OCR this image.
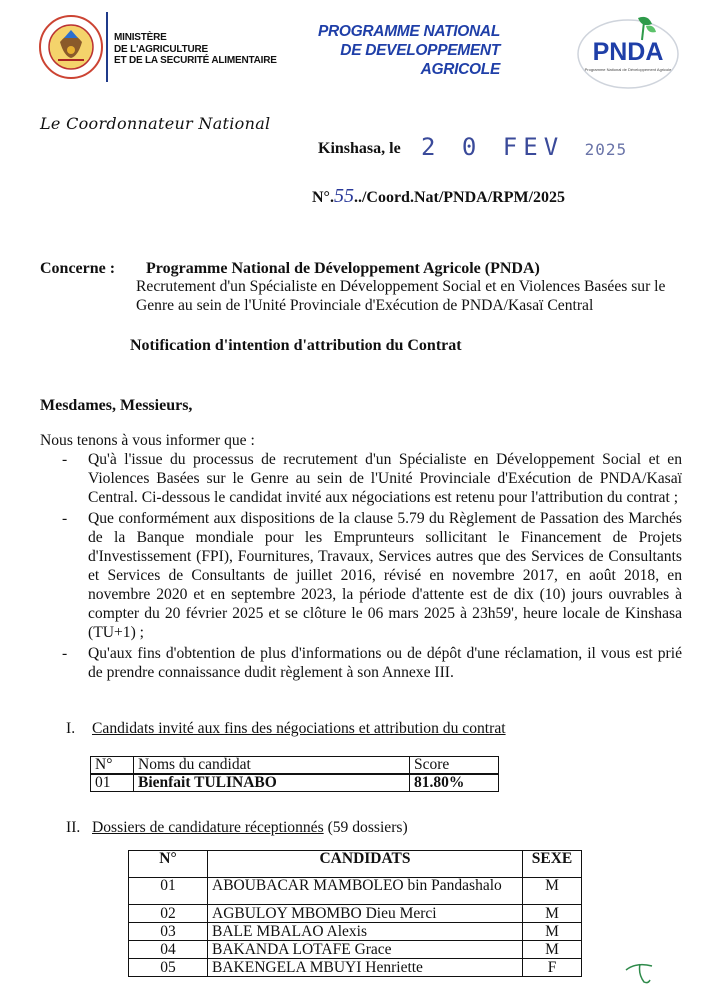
MINISTÈRE
DE L'AGRICULTURE
ET DE LA SECURITÉ ALIMENTAIRE
PROGRAMME NATIONAL
DE DEVELOPPEMENT
AGRICOLE
PNDA
Programme National de Développement Agricole
Le Coordonnateur National
Kinshasa, le 2 0 FEV 2025
N°.55../Coord.Nat/PNDA/RPM/2025
Concerne : Programme National de Développement Agricole (PNDA)
Recrutement d'un Spécialiste en Développement Social et en Violences Basées sur le Genre au sein de l'Unité Provinciale d'Exécution de PNDA/Kasaï Central
Notification d'intention d'attribution du Contrat
Mesdames, Messieurs,
Nous tenons à vous informer que :
-	Qu'à l'issue du processus de recrutement d'un Spécialiste en Développement Social et en Violences Basées sur le Genre au sein de l'Unité Provinciale d'Exécution de PNDA/Kasaï Central. Ci-dessous le candidat invité aux négociations est retenu pour l'attribution du contrat ;
-	Que conformément aux dispositions de la clause 5.79 du Règlement de Passation des Marchés de la Banque mondiale pour les Emprunteurs sollicitant le Financement de Projets d'Investissement (FPI), Fournitures, Travaux, Services autres que des Services de Consultants et Services de Consultants de juillet 2016, révisé en novembre 2017, en août 2018, en novembre 2020 et en septembre 2023, la période d'attente est de dix (10) jours ouvrables à compter du 20 février 2025 et se clôture le 06 mars 2025 à 23h59', heure locale de Kinshasa (TU+1) ;
-	Qu'aux fins d'obtention de plus d'informations ou de dépôt d'une réclamation, il vous est prié de prendre connaissance dudit règlement à son Annexe III.
I. Candidats invité aux fins des négociations et attribution du contrat
N°	Noms du candidat	Score
01	Bienfait TULINABO	81.80%
II. Dossiers de candidature réceptionnés (59 dossiers)
N°	CANDIDATS	SEXE
01	ABOUBACAR MAMBOLEO bin Pandashalo	M
02	AGBULOY MBOMBO Dieu Merci	M
03	BALE MBALAO Alexis	M
04	BAKANDA LOTAFE Grace	M
05	BAKENGELA MBUYI Henriette	F
